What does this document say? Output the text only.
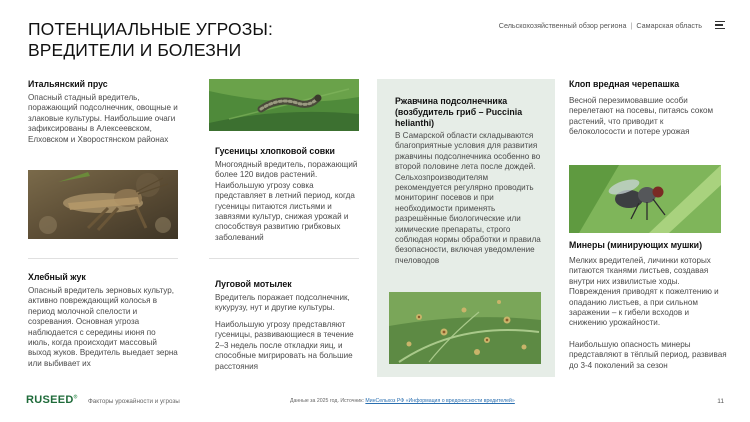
ПОТЕНЦИАЛЬНЫЕ УГРОЗЫ:
ВРЕДИТЕЛИ И БОЛЕЗНИ
Сельскохозяйственный обзор региона | Самарская область
Итальянский прус
Опасный стадный вредитель, поражающий подсолнечник, овощные и злаковые культуры. Наибольшие очаги зафиксированы в Алексеевском, Елховском и Хворостянском районах
Хлебный жук
Опасный вредитель зерновых культур, активно повреждающий колосья в период молочной спелости и созревания. Основная угроза наблюдается с середины июня по июль, когда происходит массовый выход жуков. Вредитель выедает зерна или выбивает их
Гусеницы хлопковой совки
Многоядный вредитель, поражающий более 120 видов растений. Наибольшую угрозу совка представляет в летний период, когда гусеницы питаются листьями и завязями культур, снижая урожай и способствуя развитию грибковых заболеваний
Луговой мотылек
Вредитель поражает подсолнечник, кукурузу, нут и другие культуры.
Наибольшую угрозу представляют гусеницы, развивающиеся в течение 2–3 недель после откладки яиц, и способные мигрировать на большие расстояния
Ржавчина подсолнечника (возбудитель гриб – Puccinia helianthi)
В Самарской области складываются благоприятные условия для развития ржавчины подсолнечника особенно во второй половине лета после дождей. Сельхозпроизводителям рекомендуется регулярно проводить мониторинг посевов и при необходимости применять разрешённые биологические или химические препараты, строго соблюдая нормы обработки и правила безопасности, включая уведомление пчеловодов
Клоп вредная черепашка
Весной перезимовавшие особи перелетают на посевы, питаясь соком растений, что приводит к белоколосости и потере урожая
Минеры (минирующих мушки)
Мелких вредителей, личинки которых питаются тканями листьев, создавая внутри них извилистые ходы. Повреждения приводят к пожелтению и опаданию листьев, а при сильном заражении – к гибели всходов и снижению урожайности.
Наибольшую опасность минеры представляют в тёплый период, развивая до 3-4 поколений за сезон
RUSEED®
Факторы урожайности и угрозы	Данные за 2025 год. Источник: МинСельхоз РФ «Информация о вредоносности вредителей»	11
